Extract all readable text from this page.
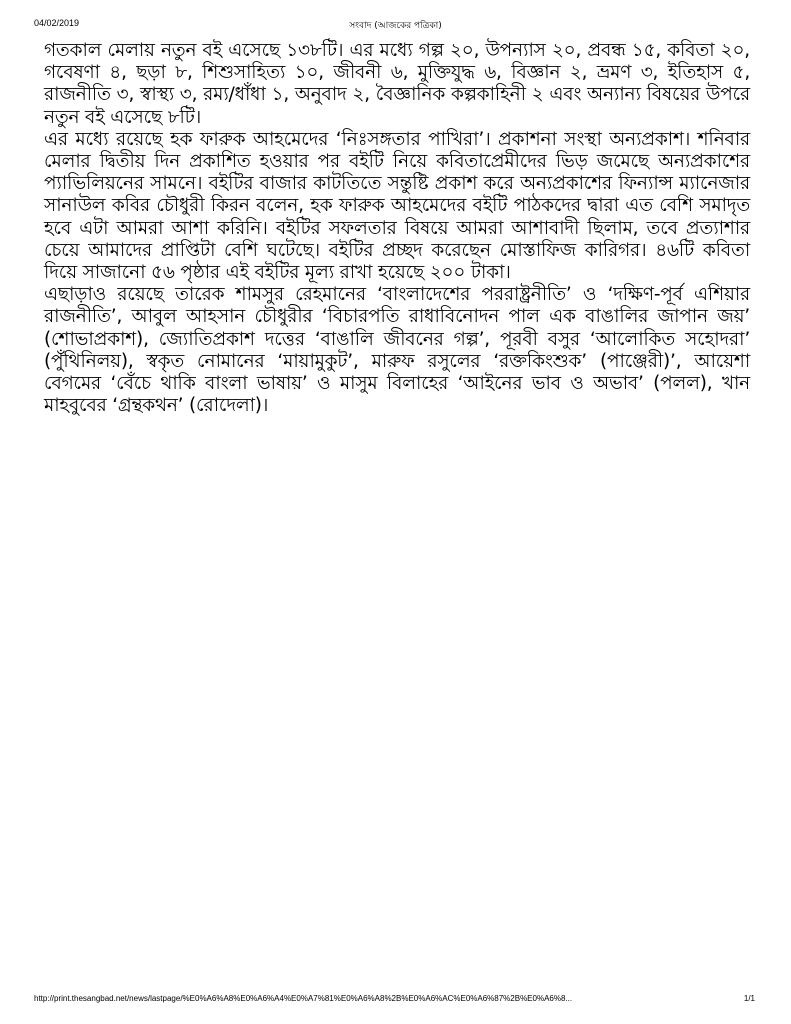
04/02/2019	সংবাদ (আজকের পত্রিকা)

গতকাল মেলায় নতুন বই এসেছে ১৩৮টি। এর মধ্যে গল্প ২০, উপন্যাস ২০, প্রবন্ধ ১৫, কবিতা ২০, গবেষণা ৪, ছড়া ৮, শিশুসাহিত্য ১০, জীবনী ৬, মুক্তিযুদ্ধ ৬, বিজ্ঞান ২, ভ্রমণ ৩, ইতিহাস ৫, রাজনীতি ৩, স্বাস্থ্য ৩, রম্য/ধাঁধা ১, অনুবাদ ২, বৈজ্ঞানিক কল্পকাহিনী ২ এবং অন্যান্য বিষয়ের উপরে নতুন বই এসেছে ৮টি।

এর মধ্যে রয়েছে হক ফারুক আহমেদের ‘নিঃসঙ্গতার পাখিরা’। প্রকাশনা সংস্থা অন্যপ্রকাশ। শনিবার মেলার দ্বিতীয় দিন প্রকাশিত হওয়ার পর বইটি নিয়ে কবিতাপ্রেমীদের ভিড় জমেছে অন্যপ্রকাশের প্যাভিলিয়নের সামনে। বইটির বাজার কাটতিতে সন্তুষ্টি প্রকাশ করে অন্যপ্রকাশের ফিন্যান্স ম্যানেজার সানাউল কবির চৌধুরী কিরন বলেন, হক ফারুক আহমেদের বইটি পাঠকদের দ্বারা এত বেশি সমাদৃত হবে এটা আমরা আশা করিনি। বইটির সফলতার বিষয়ে আমরা আশাবাদী ছিলাম, তবে প্রত্যাশার চেয়ে আমাদের প্রাপ্তিটা বেশি ঘটেছে। বইটির প্রচ্ছদ করেছেন মোস্তাফিজ কারিগর। ৪৬টি কবিতা দিয়ে সাজানো ৫৬ পৃষ্ঠার এই বইটির মূল্য রাখা হয়েছে ২০০ টাকা।

এছাড়াও রয়েছে তারেক শামসুর রেহমানের ‘বাংলাদেশের পররাষ্ট্রনীতি’ ও ‘দক্ষিণ-পূর্ব এশিয়ার রাজনীতি’, আবুল আহসান চৌধুরীর ‘বিচারপতি রাধাবিনোদন পাল এক বাঙালির জাপান জয়’ (শোভাপ্রকাশ), জ্যোতিপ্রকাশ দত্তের ‘বাঙালি জীবনের গল্প’, পূরবী বসুর ‘আলোকিত সহোদরা’ (পুঁথিনিলয়), স্বকৃত নোমানের ‘মায়ামুকুট’, মারুফ রসুলের ‘রক্তকিংশুক’ (পাঞ্জেরী)’, আয়েশা বেগমের ‘বেঁচে থাকি বাংলা ভাষায়’ ও মাসুম বিলাহের ‘আইনের ভাব ও অভাব’ (পলল), খান মাহবুবের ‘গ্রন্থকথন’ (রোদেলা)।

http://print.thesangbad.net/news/lastpage/%E0%A6%A8%E0%A6%A4%E0%A7%81%E0%A6%A8%2B%E0%A6%AC%E0%A6%87%2B%E0%A6%8...	1/1
